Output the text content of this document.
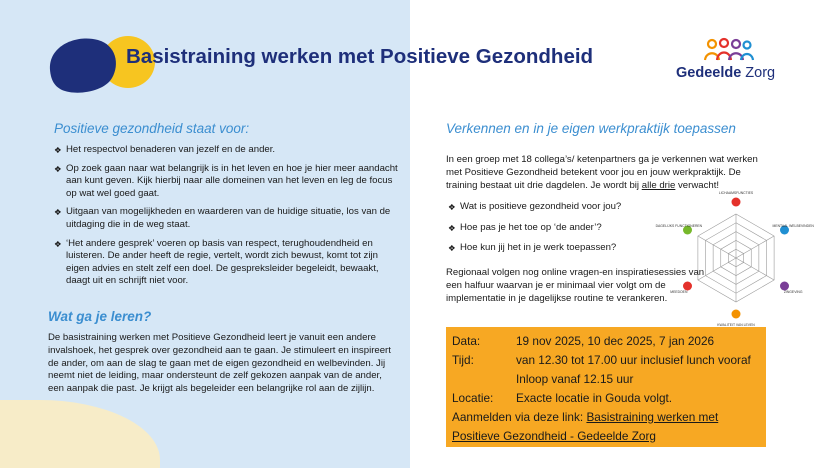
Basistraining werken met Positieve Gezondheid
Gedeelde Zorg
Positieve gezondheid staat voor:
❖ Het respectvol benaderen van jezelf en de ander.
❖ Op zoek gaan naar wat belangrijk is in het leven en hoe je hier meer aandacht aan kunt geven. Kijk hierbij naar alle domeinen van het leven en leg de focus op wat wel goed gaat.
❖ Uitgaan van mogelijkheden en waarderen van de huidige situatie, los van de uitdaging die in de weg staat.
❖ ‘Het andere gesprek’ voeren op basis van respect, terughoudendheid en luisteren. De ander heeft de regie, vertelt, wordt zich bewust, komt tot zijn eigen advies en stelt zelf een doel. De gespreksleider begeleidt, bewaakt, daagt uit en schrijft niet voor.
Wat ga je leren?
De basistraining werken met Positieve Gezondheid leert je vanuit een andere invalshoek, het gesprek over gezondheid aan te gaan. Je stimuleert en inspireert de ander, om aan de slag te gaan met de eigen gezondheid en welbevinden. Jij neemt niet de leiding, maar ondersteunt de zelf gekozen aanpak van de ander, een aanpak die past. Je krijgt als begeleider een belangrijke rol aan de zijlijn.
Verkennen en in je eigen werkpraktijk toepassen
In een groep met 18 collega’s/ ketenpartners ga je verkennen wat werken met Positieve Gezondheid betekent voor jou en jouw werkpraktijk. De training bestaat uit drie dagdelen. Je wordt bij alle drie verwacht!
❖ Wat is positieve gezondheid voor jou?
❖ Hoe pas je het toe op ‘de ander’?
❖ Hoe kun jij het in je werk toepassen?
LICHAAMSFUNCTIES
MENTAAL WELBEVINDEN
ZINGEVING
KWALITEIT VAN LEVEN
MEEDOEN
DAGELIJKS FUNCTIONEREN
Regionaal volgen nog online vragen-en inspiratiesessies van een halfuur waarvan je er minimaal vier volgt om de implementatie in je dagelijkse routine te verankeren.
Data:	19 nov 2025, 10 dec 2025, 7 jan 2026
Tijd:	van 12.30 tot 17.00 uur inclusief lunch vooraf
Inloop vanaf 12.15 uur
Locatie: Exacte locatie in Gouda volgt.
Aanmelden via deze link: Basistraining werken met
Positieve Gezondheid - Gedeelde Zorg
